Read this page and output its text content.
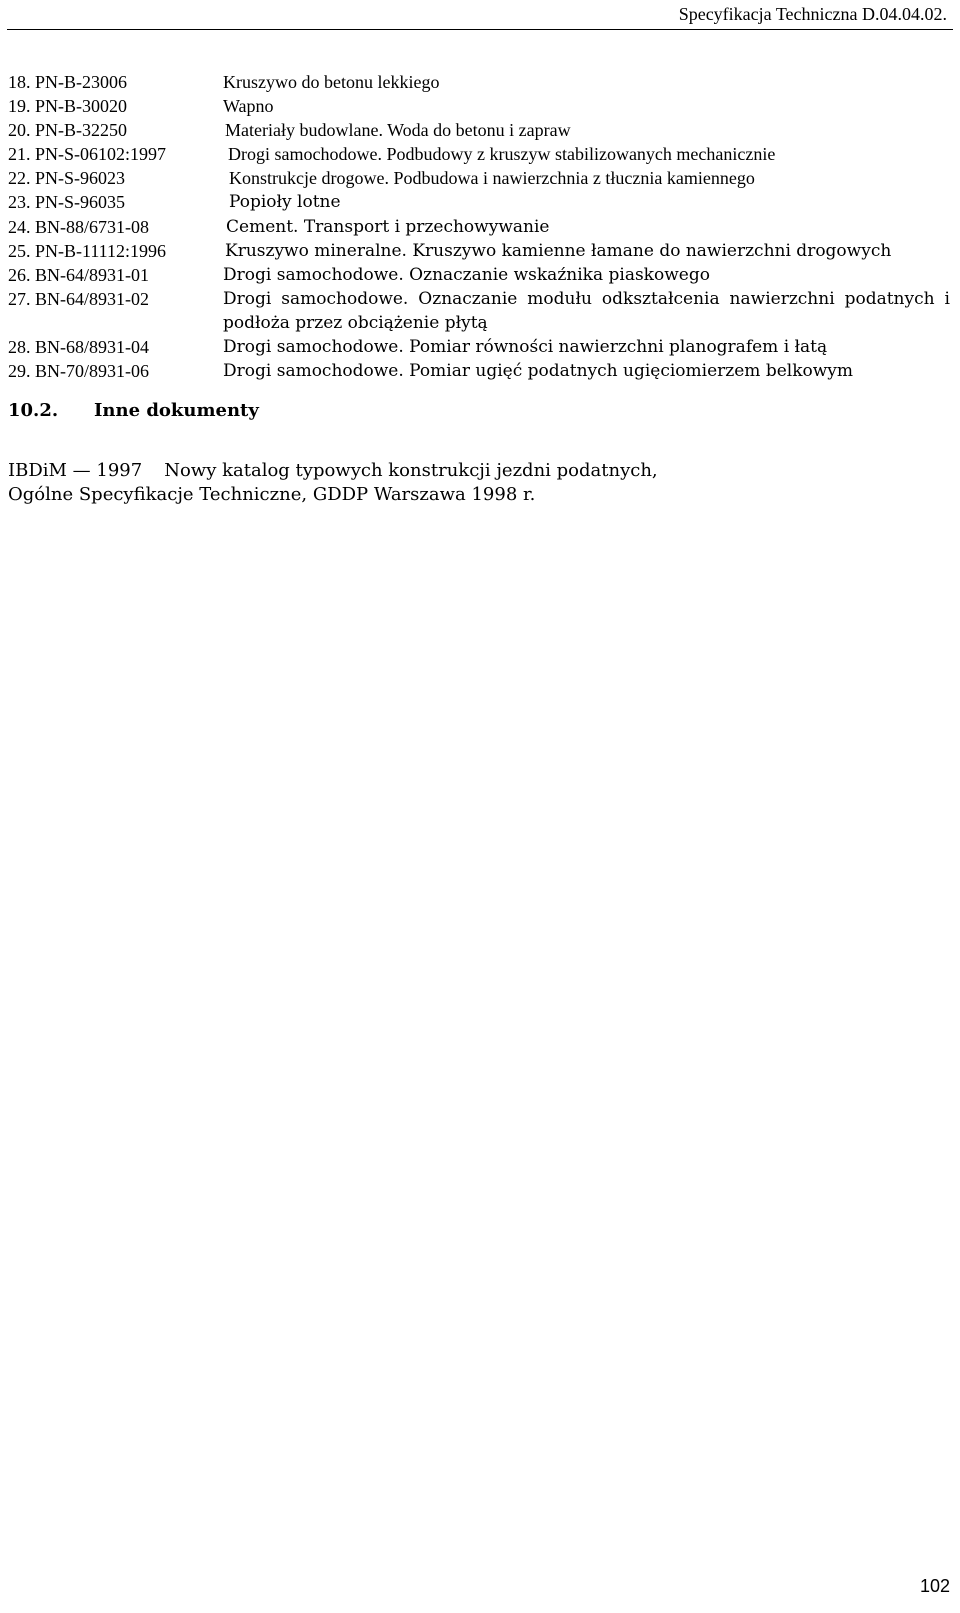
Specyfikacja Techniczna D.04.04.02.
18. PN-B-23006	Kruszywo do betonu lekkiego
19. PN-B-30020	Wapno
20. PN-B-32250	Materiały budowlane. Woda do betonu i zapraw
21. PN-S-06102:1997	Drogi samochodowe. Podbudowy z kruszyw stabilizowanych mechanicznie
22. PN-S-96023	Konstrukcje drogowe. Podbudowa i nawierzchnia z tłucznia kamiennego
23. PN-S-96035	Popioły lotne
24. BN-88/6731-08	Cement. Transport i przechowywanie
25. PN-B-11112:1996	Kruszywo mineralne. Kruszywo kamienne łamane do nawierzchni drogowych
26. BN-64/8931-01	Drogi samochodowe. Oznaczanie wskaźnika piaskowego
27. BN-64/8931-02	Drogi samochodowe. Oznaczanie modułu odkształcenia nawierzchni podatnych i podłoża przez obciążenie płytą
28. BN-68/8931-04	Drogi samochodowe. Pomiar równości nawierzchni planografem i łatą
29. BN-70/8931-06	Drogi samochodowe. Pomiar ugięć podatnych ugięciomierzem belkowym
10.2. Inne dokumenty
IBDiM — 1997 Nowy katalog typowych konstrukcji jezdni podatnych,
Ogólne Specyfikacje Techniczne, GDDP Warszawa 1998 r.
102
